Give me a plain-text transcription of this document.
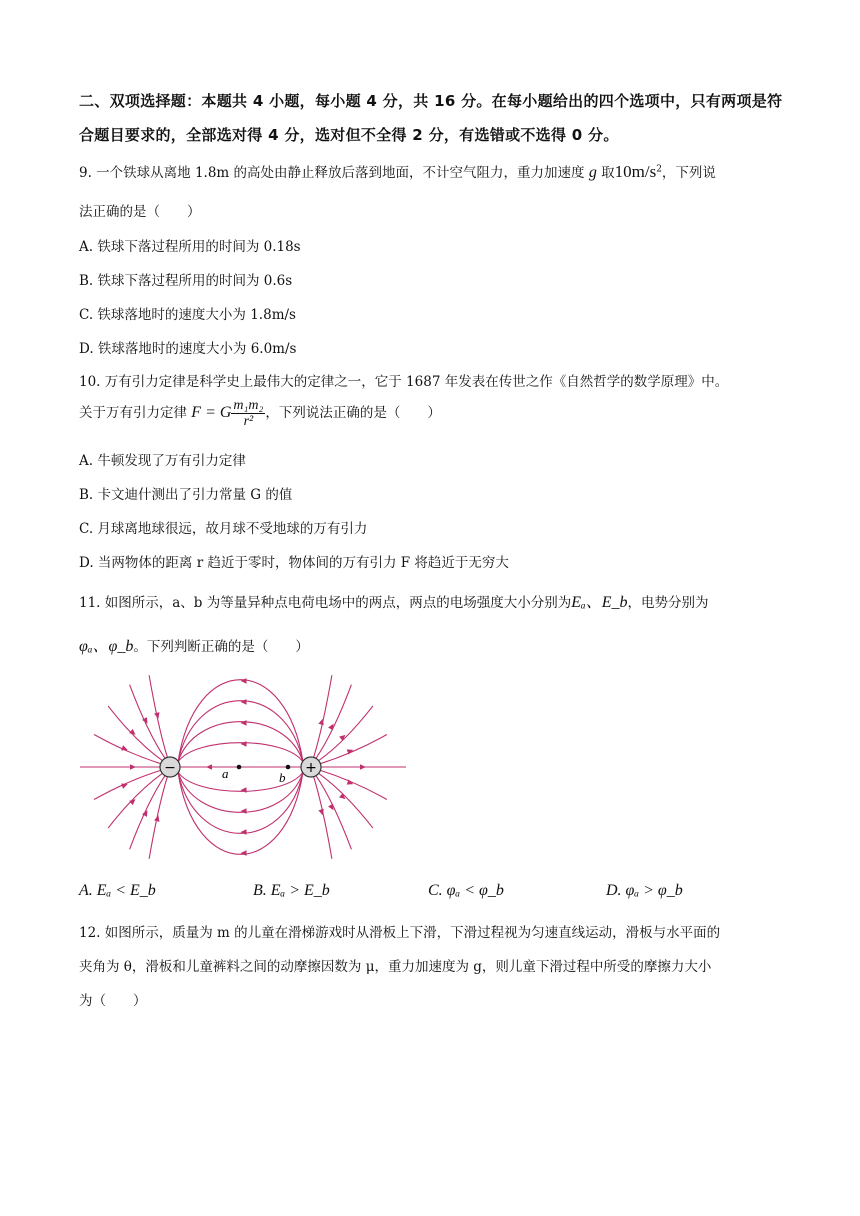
二、双项选择题：本题共 4 小题，每小题 4 分，共 16 分。在每小题给出的四个选项中，只有两项是符合题目要求的，全部选对得 4 分，选对但不全得 2 分，有选错或不选得 0 分。
9. 一个铁球从离地 1.8m 的高处由静止释放后落到地面，不计空气阻力，重力加速度 g 取$10m/s^2$，下列说
法正确的是（　　）
A. 铁球下落过程所用的时间为 0.18s
B. 铁球下落过程所用的时间为 0.6s
C. 铁球落地时的速度大小为 1.8m/s
D. 铁球落地时的速度大小为 6.0m/s
10. 万有引力定律是科学史上最伟大的定律之一，它于 1687 年发表在传世之作《自然哲学的数学原理》中。
关于万有引力定律 F = G $\frac{\text{m₁m₂}}{\text{r²}}$ ，下列说法正确的是（　　）
A. 牛顿发现了万有引力定律
B. 卡文迪什测出了引力常量 G 的值
C. 月球离地球很远，故月球不受地球的万有引力
D. 当两物体的距离 r 趋近于零时，物体间的万有引力 F 将趋近于无穷大
11. 如图所示，a、b 为等量异种点电荷电场中的两点，两点的电场强度大小分别为Eₐ、E_b，电势分别为
φₐ、φ_b。下列判断正确的是（　　）
−	+
a	b
A. Eₐ < E_b	B. Eₐ > E_b	C. φₐ < φ_b	D. φₐ > φ_b
12. 如图所示，质量为 m 的儿童在滑梯游戏时从滑板上下滑，下滑过程视为匀速直线运动，滑板与水平面的
夹角为 θ，滑板和儿童裤料之间的动摩擦因数为 μ，重力加速度为 g，则儿童下滑过程中所受的摩擦力大小
为（　　）
